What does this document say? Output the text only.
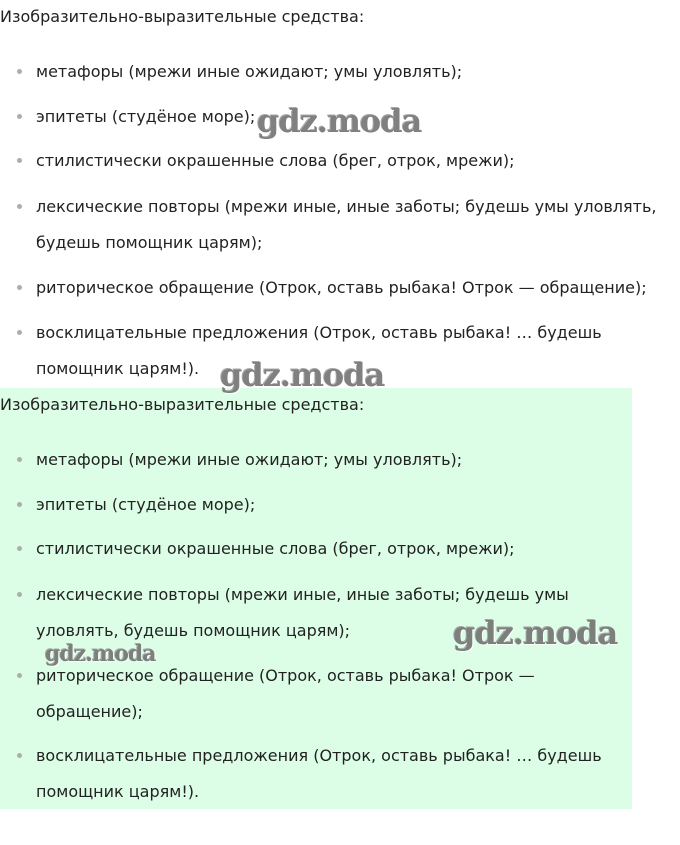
Изобразительно-выразительные средства:
метафоры (мрежи иные ожидают; умы уловлять);
эпитеты (студёное море);
стилистически окрашенные слова (брег, отрок, мрежи);
лексические повторы (мрежи иные, иные заботы; будешь умы уловлять, будешь помощник царям);
риторическое обращение (Отрок, оставь рыбака! Отрок — обращение);
восклицательные предложения (Отрок, оставь рыбака! … будешь помощник царям!).
Изобразительно-выразительные средства:
метафоры (мрежи иные ожидают; умы уловлять);
эпитеты (студёное море);
стилистически окрашенные слова (брег, отрок, мрежи);
лексические повторы (мрежи иные, иные заботы; будешь умы уловлять, будешь помощник царям);
риторическое обращение (Отрок, оставь рыбака! Отрок — обращение);
восклицательные предложения (Отрок, оставь рыбака! … будешь помощник царям!).
gdz.moda
gdz.moda
gdz.moda
gdz.moda
